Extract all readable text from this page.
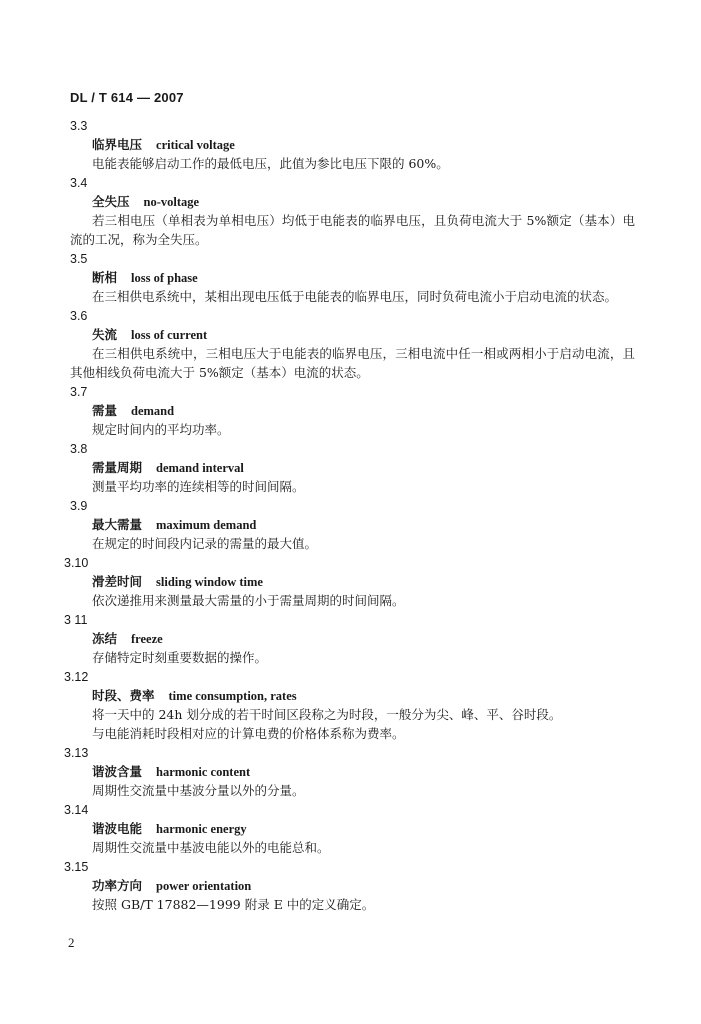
DL / T 614 — 2007
3.3
临界电压 critical voltage
电能表能够启动工作的最低电压，此值为参比电压下限的 60%。
3.4
全失压 no-voltage
若三相电压（单相表为单相电压）均低于电能表的临界电压，且负荷电流大于 5%额定（基本）电流的工况，称为全失压。
3.5
断相 loss of phase
在三相供电系统中，某相出现电压低于电能表的临界电压，同时负荷电流小于启动电流的状态。
3.6
失流 loss of current
在三相供电系统中，三相电压大于电能表的临界电压，三相电流中任一相或两相小于启动电流，且其他相线负荷电流大于 5%额定（基本）电流的状态。
3.7
需量 demand
规定时间内的平均功率。
3.8
需量周期 demand interval
测量平均功率的连续相等的时间间隔。
3.9
最大需量 maximum demand
在规定的时间段内记录的需量的最大值。
3.10
滑差时间 sliding window time
依次递推用来测量最大需量的小于需量周期的时间间隔。
3 11
冻结 freeze
存储特定时刻重要数据的操作。
3.12
时段、费率 time consumption, rates
将一天中的 24h 划分成的若干时间区段称之为时段，一般分为尖、峰、平、谷时段。
与电能消耗时段相对应的计算电费的价格体系称为费率。
3.13
谐波含量 harmonic content
周期性交流量中基波分量以外的分量。
3.14
谐波电能 harmonic energy
周期性交流量中基波电能以外的电能总和。
3.15
功率方向 power orientation
按照 GB/T 17882—1999 附录 E 中的定义确定。
2
